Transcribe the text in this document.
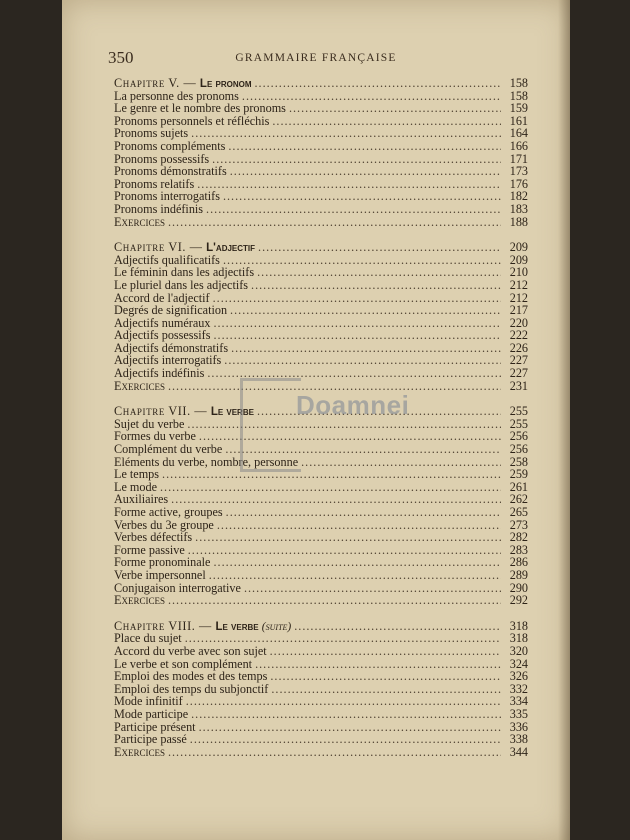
350	GRAMMAIRE FRANÇAISE
Chapitre V. — Le pronom .....	158
La personne des pronoms .....	158
Le genre et le nombre des pronoms .....	159
Pronoms personnels et réfléchis .....	161
Pronoms sujets .....	164
Pronoms compléments .....	166
Pronoms possessifs .....	171
Pronoms démonstratifs .....	173
Pronoms relatifs .....	176
Pronoms interrogatifs .....	182
Pronoms indéfinis .....	183
Exercices .....	188
Chapitre VI. — L'adjectif .....	209
Adjectifs qualificatifs .....	209
Le féminin dans les adjectifs .....	210
Le pluriel dans les adjectifs .....	212
Accord de l'adjectif .....	212
Degrés de signification .....	217
Adjectifs numéraux .....	220
Adjectifs possessifs .....	222
Adjectifs démonstratifs .....	226
Adjectifs interrogatifs .....	227
Adjectifs indéfinis .....	227
Exercices .....	231
Chapitre VII. — Le verbe .....	255
Sujet du verbe .....	255
Formes du verbe .....	256
Complément du verbe .....	256
Eléments du verbe, nombre, personne .....	258
Le temps .....	259
Le mode .....	261
Auxiliaires .....	262
Forme active, groupes .....	265
Verbes du 3e groupe .....	273
Verbes défectifs .....	282
Forme passive .....	283
Forme pronominale .....	286
Verbe impersonnel .....	289
Conjugaison interrogative .....	290
Exercices .....	292
Chapitre VIII. — Le verbe (suite) .....	318
Place du sujet .....	318
Accord du verbe avec son sujet .....	320
Le verbe et son complément .....	324
Emploi des modes et des temps .....	326
Emploi des temps du subjonctif .....	332
Mode infinitif .....	334
Mode participe .....	335
Participe présent .....	336
Participe passé .....	338
Exercices .....	344
Doamnei
